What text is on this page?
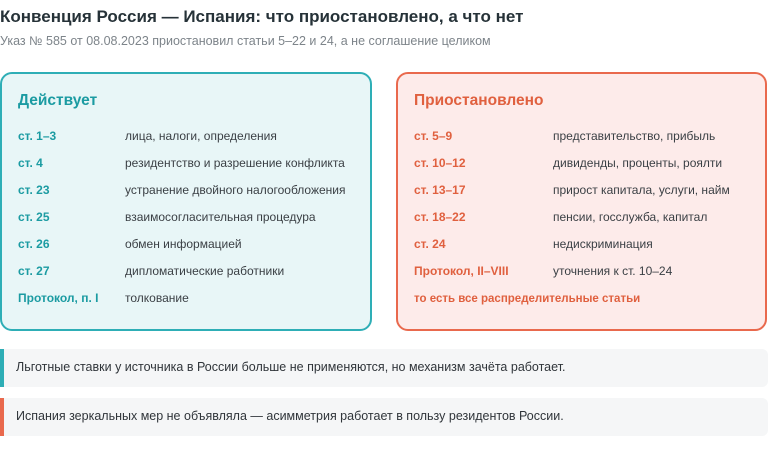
Конвенция Россия — Испания: что приостановлено, а что нет
Указ № 585 от 08.08.2023 приостановил статьи 5–22 и 24, а не соглашение целиком
Действует
ст. 1–3	лица, налоги, определения
ст. 4	резидентство и разрешение конфликта
ст. 23	устранение двойного налогообложения
ст. 25	взаимосогласительная процедура
ст. 26	обмен информацией
ст. 27	дипломатические работники
Протокол, п. I	толкование
Приостановлено
ст. 5–9	представительство, прибыль
ст. 10–12	дивиденды, проценты, роялти
ст. 13–17	прирост капитала, услуги, найм
ст. 18–22	пенсии, госслужба, капитал
ст. 24	недискриминация
Протокол, II–VIII	уточнения к ст. 10–24
то есть все распределительные статьи
Льготные ставки у источника в России больше не применяются, но механизм зачёта работает.
Испания зеркальных мер не объявляла — асимметрия работает в пользу резидентов России.
